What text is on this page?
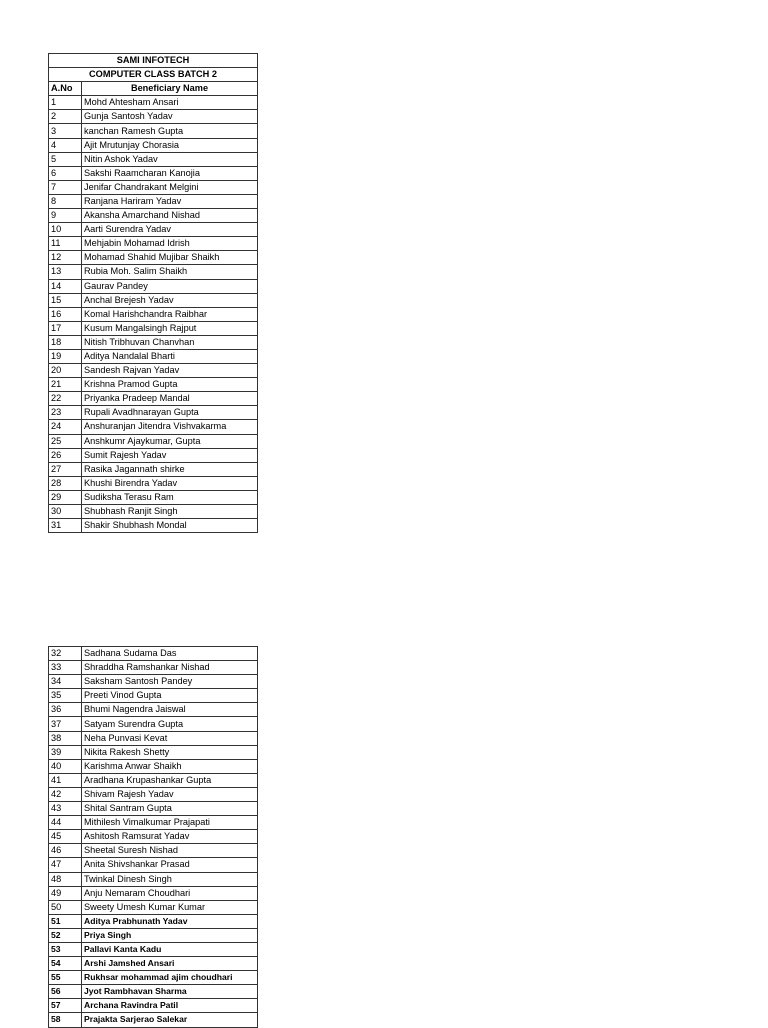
SAMI INFOTECH	
COMPUTER CLASS BATCH 2	
A.No	Beneficiary Name
1	Mohd Ahtesham Ansari
2	Gunja Santosh Yadav
3	kanchan Ramesh Gupta
4	Ajit Mrutunjay Chorasia
5	Nitin Ashok Yadav
6	Sakshi Raamcharan Kanojia
7	Jenifar Chandrakant Melgini
8	Ranjana Hariram Yadav
9	Akansha Amarchand Nishad
10	Aarti Surendra Yadav
11	Mehjabin Mohamad Idrish
12	Mohamad Shahid Mujibar Shaikh
13	Rubia Moh. Salim Shaikh
14	Gaurav Pandey
15	Anchal Brejesh Yadav
16	Komal Harishchandra Raibhar
17	Kusum Mangalsingh Rajput
18	Nitish Tribhuvan Chanvhan
19	Aditya Nandalal Bharti
20	Sandesh Rajvan Yadav
21	Krishna Pramod Gupta
22	Priyanka Pradeep Mandal
23	Rupali Avadhnarayan Gupta
24	Anshuranjan Jitendra Vishvakarma
25	Anshkumr Ajaykumar, Gupta
26	Sumit Rajesh Yadav
27	Rasika Jagannath shirke
28	Khushi Birendra Yadav
29	Sudiksha Terasu Ram
30	Shubhash Ranjit Singh
31	Shakir Shubhash Mondal
32	Sadhana Sudama Das
33	Shraddha Ramshankar Nishad
34	Saksham Santosh Pandey
35	Preeti Vinod Gupta
36	Bhumi Nagendra Jaiswal
37	Satyam Surendra Gupta
38	Neha Punvasi Kevat
39	Nikita Rakesh Shetty
40	Karishma Anwar Shaikh
41	Aradhana Krupashankar Gupta
42	Shivam Rajesh Yadav
43	Shital Santram Gupta
44	Mithilesh Vimalkumar Prajapati
45	Ashitosh Ramsurat Yadav
46	Sheetal Suresh Nishad
47	Anita Shivshankar Prasad
48	Twinkal Dinesh Singh
49	Anju Nemaram Choudhari
50	Sweety Umesh Kumar Kumar
51	Aditya Prabhunath Yadav
52	Priya Singh
53	Pallavi Kanta Kadu
54	Arshi Jamshed Ansari
55	Rukhsar mohammad ajim choudhari
56	Jyot Rambhavan Sharma
57	Archana Ravindra Patil
58	Prajakta Sarjerao Salekar
